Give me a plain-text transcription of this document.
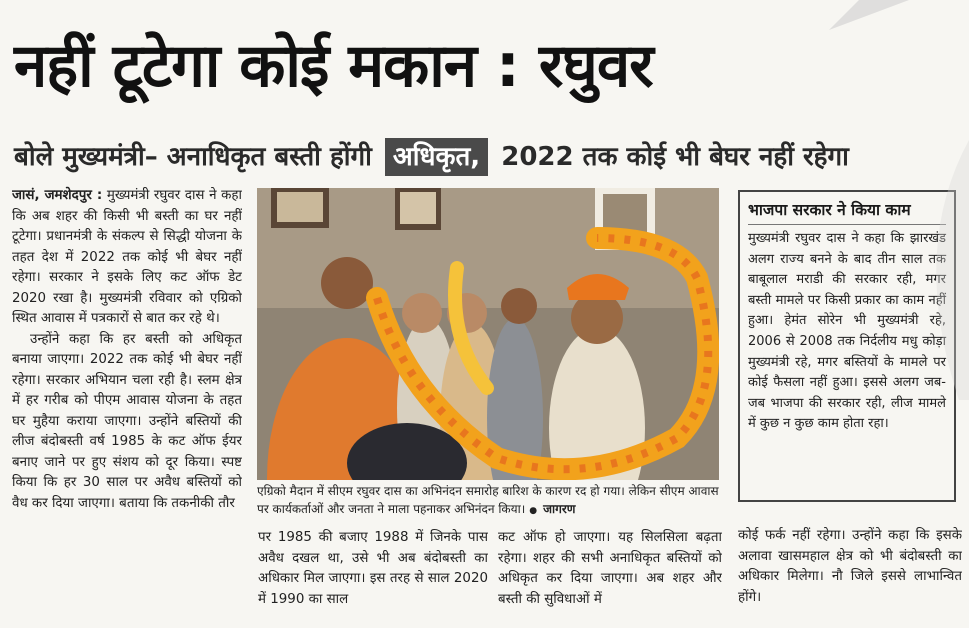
नहीं टूटेगा कोई मकान : रघुवर
बोले मुख्यमंत्री– अनाधिकृत बस्ती होंगी अधिकृत, 2022 तक कोई भी बेघर नहीं रहेगा

जासं, जमशेदपुर : मुख्यमंत्री रघुवर दास ने कहा कि अब शहर की किसी भी बस्ती का घर नहीं टूटेगा। प्रधानमंत्री के संकल्प से सिद्धी योजना के तहत देश में 2022 तक कोई भी बेघर नहीं रहेगा। सरकार ने इसके लिए कट ऑफ डेट 2020 रखा है। मुख्यमंत्री रविवार को एग्रिको स्थित आवास में पत्रकारों से बात कर रहे थे।

उन्होंने कहा कि हर बस्ती को अधिकृत बनाया जाएगा। 2022 तक कोई भी बेघर नहीं रहेगा। सरकार अभियान चला रही है। स्लम क्षेत्र में हर गरीब को पीएम आवास योजना के तहत घर मुहैया कराया जाएगा। उन्होंने बस्तियों की लीज बंदोबस्ती वर्ष 1985 के कट ऑफ ईयर बनाए जाने पर हुए संशय को दूर किया। स्पष्ट किया कि हर 30 साल पर अवैध बस्तियों को वैध कर दिया जाएगा। बताया कि तकनीकी तौर

एग्रिको मैदान में सीएम रघुवर दास का अभिनंदन समारोह बारिश के कारण रद हो गया। लेकिन सीएम आवास पर कार्यकर्ताओं और जनता ने माला पहनाकर अभिनंदन किया। ● जागरण
भाजपा सरकार ने किया काम
मुख्यमंत्री रघुवर दास ने कहा कि झारखंड अलग राज्य बनने के बाद तीन साल तक बाबूलाल मराडी की सरकार रही, मगर बस्ती मामले पर किसी प्रकार का काम नहीं हुआ। हेमंत सोरेन भी मुख्यमंत्री रहे, 2006 से 2008 तक निर्दलीय मधु कोड़ा मुख्यमंत्री रहे, मगर बस्तियों के मामले पर कोई फैसला नहीं हुआ। इससे अलग जब-जब भाजपा की सरकार रही, लीज मामले में कुछ न कुछ काम होता रहा।

पर 1985 की बजाए 1988 में जिनके पास अवैध दखल था, उसे भी अब बंदोबस्ती का अधिकार मिल जाएगा। इस तरह से साल 2020 में 1990 का साल

कट ऑफ हो जाएगा। यह सिलसिला बढ़ता रहेगा। शहर की सभी अनाधिकृत बस्तियों को अधिकृत कर दिया जाएगा। अब शहर और बस्ती की सुविधाओं में

कोई फर्क नहीं रहेगा। उन्होंने कहा कि इसके अलावा खासमहाल क्षेत्र को भी बंदोबस्ती का अधिकार मिलेगा। नौ जिले इससे लाभान्वित होंगे।
